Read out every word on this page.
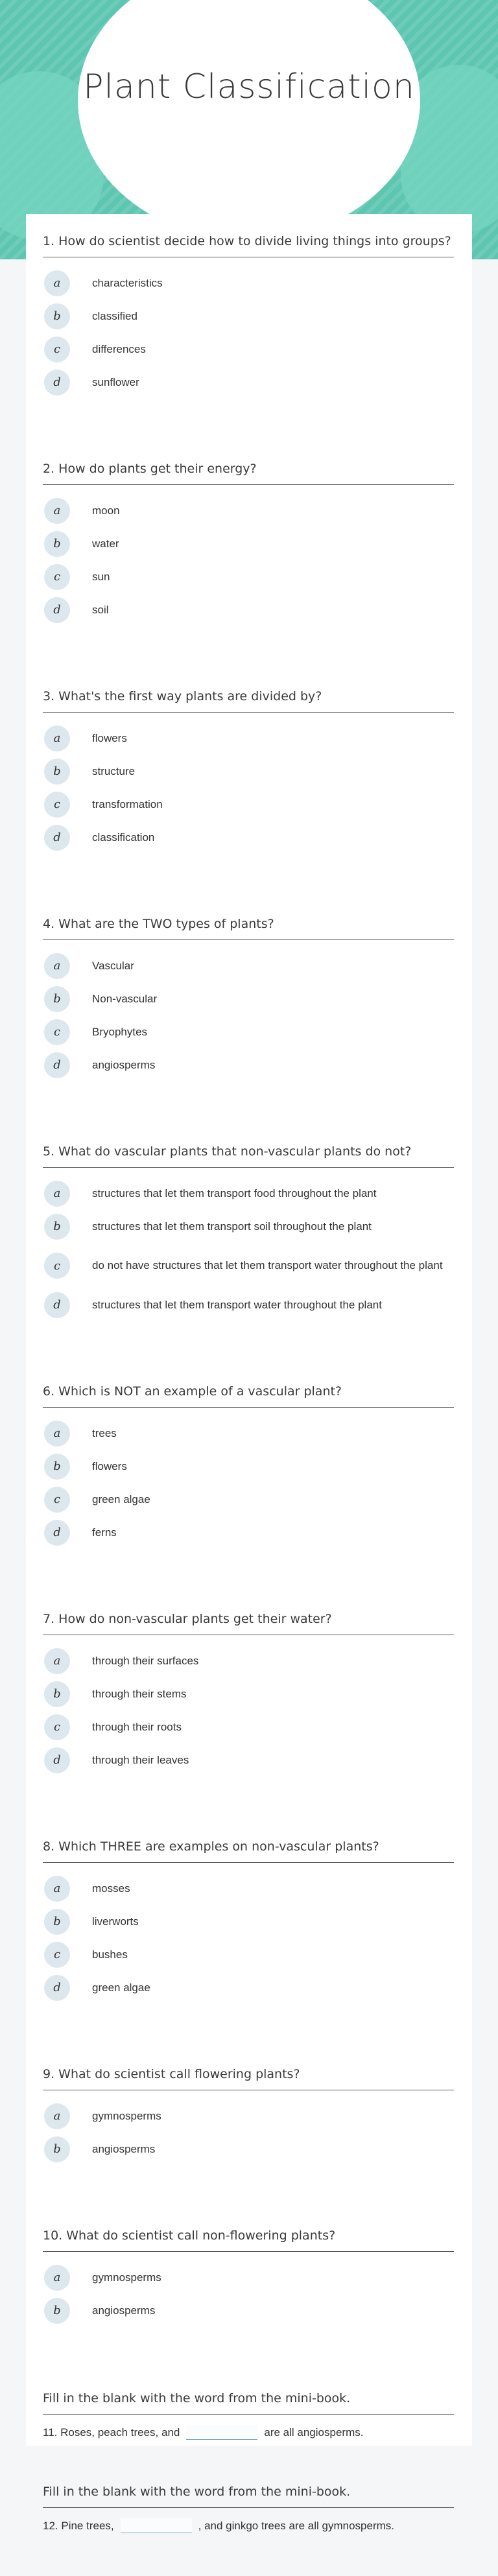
Plant Classification
1. How do scientist decide how to divide living things into groups?
a	characteristics
b	classified
c	differences
d	sunflower
2. How do plants get their energy?
a	moon
b	water
c	sun
d	soil
3. What's the first way plants are divided by?
a	flowers
b	structure
c	transformation
d	classification
4. What are the TWO types of plants?
a	Vascular
b	Non-vascular
c	Bryophytes
d	angiosperms
5. What do vascular plants that non-vascular plants do not?
a	structures that let them transport food throughout the plant
b	structures that let them transport soil throughout the plant
c	do not have structures that let them transport water throughout the plant
d	structures that let them transport water throughout the plant
6. Which is NOT an example of a vascular plant?
a	trees
b	flowers
c	green algae
d	ferns
7. How do non-vascular plants get their water?
a	through their surfaces
b	through their stems
c	through their roots
d	through their leaves
8. Which THREE are examples on non-vascular plants?
a	mosses
b	liverworts
c	bushes
d	green algae
9. What do scientist call flowering plants?
a	gymnosperms
b	angiosperms
10. What do scientist call non-flowering plants?
a	gymnosperms
b	angiosperms
Fill in the blank with the word from the mini-book.
11. Roses, peach trees, and	are all angiosperms.
Fill in the blank with the word from the mini-book.
12. Pine trees,	, and ginkgo trees are all gymnosperms.
